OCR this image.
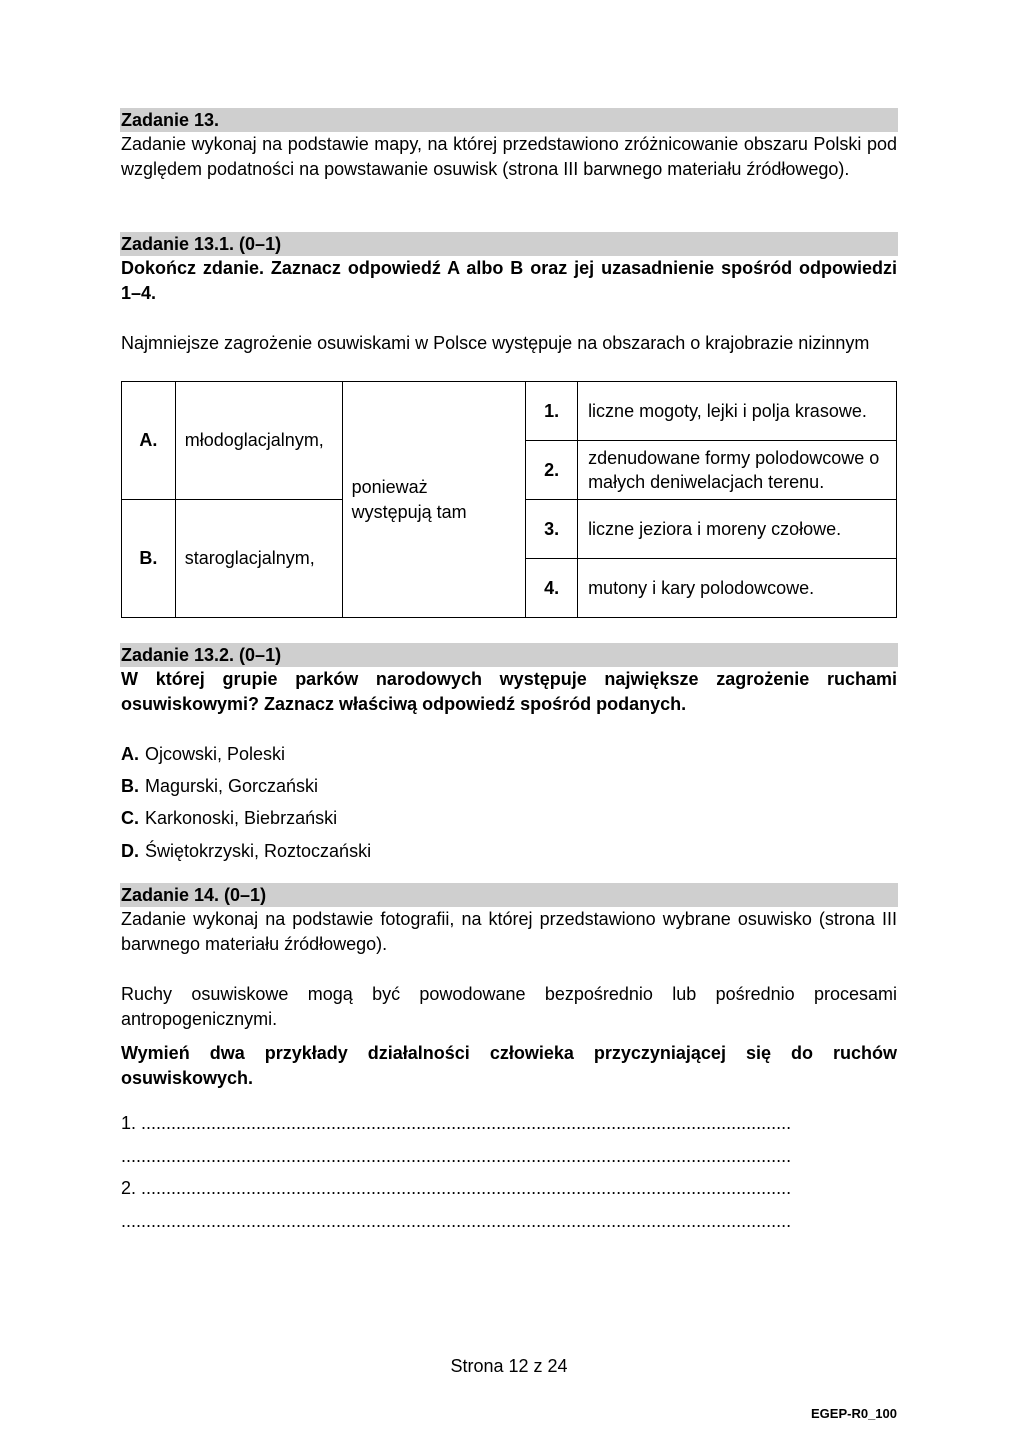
Zadanie 13.
Zadanie wykonaj na podstawie mapy, na której przedstawiono zróżnicowanie obszaru Polski pod względem podatności na powstawanie osuwisk (strona III barwnego materiału źródłowego).
Zadanie 13.1. (0–1)
Dokończ zdanie. Zaznacz odpowiedź A albo B oraz jej uzasadnienie spośród odpowiedzi 1–4.
Najmniejsze zagrożenie osuwiskami w Polsce występuje na obszarach o krajobrazie nizinnym
A.	młodoglacjalnym,	ponieważ występują tam	1.	liczne mogoty, lejki i polja krasowe.
			2.	zdenudowane formy polodowcowe o małych deniwelacjach terenu.

B.	staroglacjalnym,		3.	liczne jeziora i moreny czołowe.
			4.	mutony i kary polodowcowe.
Zadanie 13.2. (0–1)
W której grupie parków narodowych występuje największe zagrożenie ruchami osuwiskowymi? Zaznacz właściwą odpowiedź spośród podanych.
A. Ojcowski, Poleski
B. Magurski, Gorczański
C. Karkonoski, Biebrzański
D. Świętokrzyski, Roztoczański
Zadanie 14. (0–1)
Zadanie wykonaj na podstawie fotografii, na której przedstawiono wybrane osuwisko (strona III barwnego materiału źródłowego).
Ruchy osuwiskowe mogą być powodowane bezpośrednio lub pośrednio procesami antropogenicznymi.
Wymień dwa przykłady działalności człowieka przyczyniającej się do ruchów osuwiskowych.
1. ..................................................................................................................................
......................................................................................................................................
2. ..................................................................................................................................
......................................................................................................................................
Strona 12 z 24
EGEP-R0_100
